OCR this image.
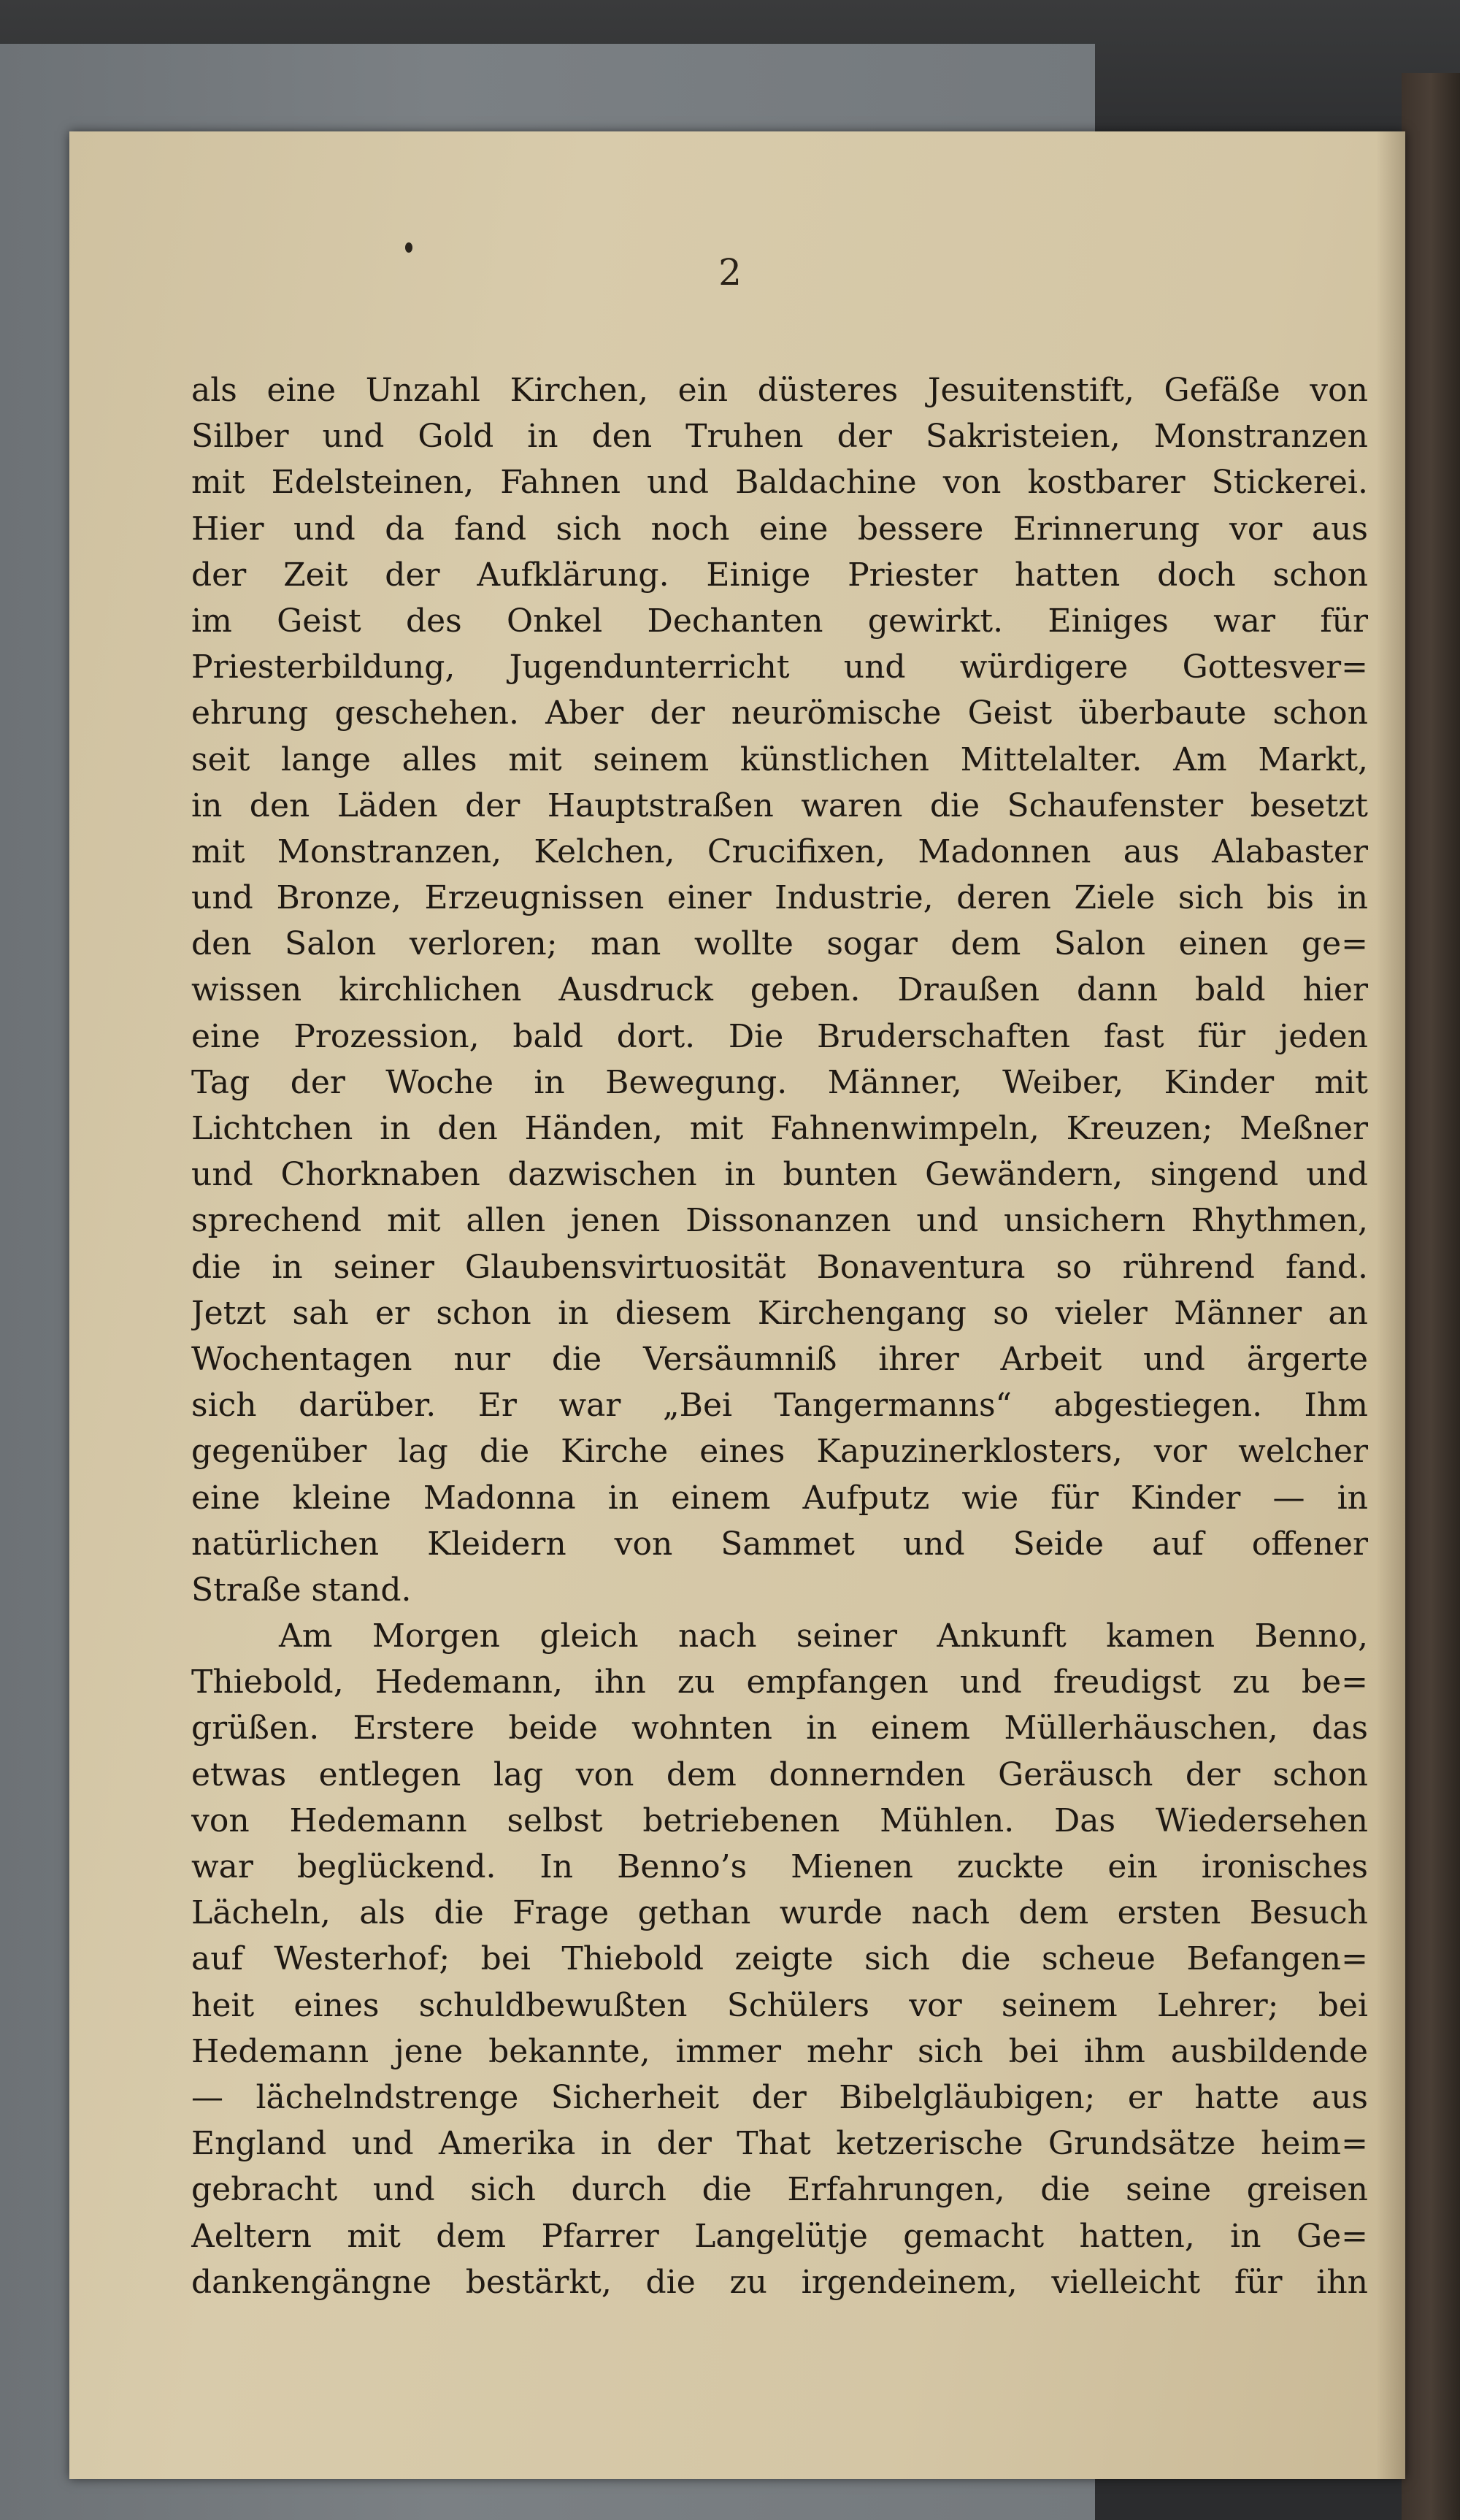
2
als eine Unzahl Kirchen, ein düsteres Jesuitenstift, Gefäße von
Silber und Gold in den Truhen der Sakristeien, Monstranzen
mit Edelsteinen, Fahnen und Baldachine von kostbarer Stickerei.
Hier und da fand sich noch eine bessere Erinnerung vor aus
der Zeit der Aufklärung. Einige Priester hatten doch schon
im Geist des Onkel Dechanten gewirkt. Einiges war für
Priesterbildung, Jugendunterricht und würdigere Gottesver=
ehrung geschehen. Aber der neurömische Geist überbaute schon
seit lange alles mit seinem künstlichen Mittelalter. Am Markt,
in den Läden der Hauptstraßen waren die Schaufenster besetzt
mit Monstranzen, Kelchen, Crucifixen, Madonnen aus Alabaster
und Bronze, Erzeugnissen einer Industrie, deren Ziele sich bis in
den Salon verloren; man wollte sogar dem Salon einen ge=
wissen kirchlichen Ausdruck geben. Draußen dann bald hier
eine Prozession, bald dort. Die Bruderschaften fast für jeden
Tag der Woche in Bewegung. Männer, Weiber, Kinder mit
Lichtchen in den Händen, mit Fahnenwimpeln, Kreuzen; Meßner
und Chorknaben dazwischen in bunten Gewändern, singend und
sprechend mit allen jenen Dissonanzen und unsichern Rhythmen,
die in seiner Glaubensvirtuosität Bonaventura so rührend fand.
Jetzt sah er schon in diesem Kirchengang so vieler Männer an
Wochentagen nur die Versäumniß ihrer Arbeit und ärgerte
sich darüber. Er war „Bei Tangermanns“ abgestiegen. Ihm
gegenüber lag die Kirche eines Kapuzinerklosters, vor welcher
eine kleine Madonna in einem Aufputz wie für Kinder — in
natürlichen Kleidern von Sammet und Seide auf offener
Straße stand.
Am Morgen gleich nach seiner Ankunft kamen Benno,
Thiebold, Hedemann, ihn zu empfangen und freudigst zu be=
grüßen. Erstere beide wohnten in einem Müllerhäuschen, das
etwas entlegen lag von dem donnernden Geräusch der schon
von Hedemann selbst betriebenen Mühlen. Das Wiedersehen
war beglückend. In Benno’s Mienen zuckte ein ironisches
Lächeln, als die Frage gethan wurde nach dem ersten Besuch
auf Westerhof; bei Thiebold zeigte sich die scheue Befangen=
heit eines schuldbewußten Schülers vor seinem Lehrer; bei
Hedemann jene bekannte, immer mehr sich bei ihm ausbildende
— lächelndstrenge Sicherheit der Bibelgläubigen; er hatte aus
England und Amerika in der That ketzerische Grundsätze heim=
gebracht und sich durch die Erfahrungen, die seine greisen
Aeltern mit dem Pfarrer Langelütje gemacht hatten, in Ge=
dankengängne bestärkt, die zu irgendeinem, vielleicht für ihn
